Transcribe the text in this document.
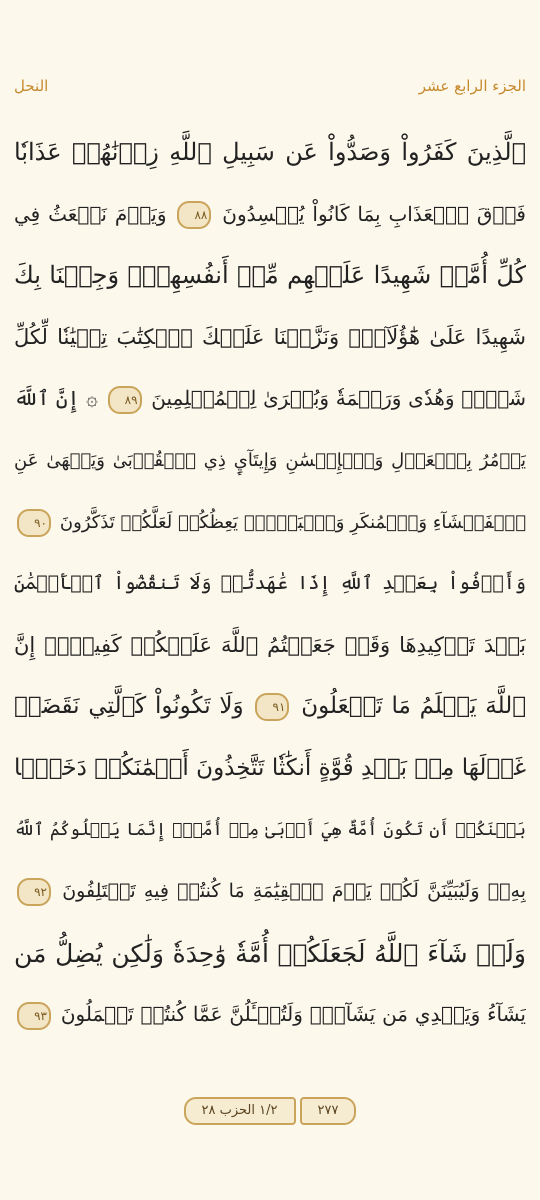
النحل	الجزء الرابع عشر
ٱلَّذِينَ كَفَرُواْ وَصَدُّواْ عَن سَبِيلِ ٱللَّهِ زِدۡنَٰهُمۡ عَذَابٗا
فَوۡقَ ٱلۡعَذَابِ بِمَا كَانُواْ يُفۡسِدُونَ ٨٨ وَيَوۡمَ نَبۡعَثُ فِي
كُلِّ أُمَّةٖ شَهِيدًا عَلَيۡهِم مِّنۡ أَنفُسِهِمۡۖ وَجِئۡنَا بِكَ
شَهِيدًا عَلَىٰ هَٰٓؤُلَآءِۚ وَنَزَّلۡنَا عَلَيۡكَ ٱلۡكِتَٰبَ تِبۡيَٰنٗا لِّكُلِّ
شَيۡءٖ وَهُدٗى وَرَحۡمَةٗ وَبُشۡرَىٰ لِلۡمُسۡلِمِينَ ٨٩ ۞ إِنَّ ٱللَّهَ
يَأۡمُرُ بِٱلۡعَدۡلِ وَٱلۡإِحۡسَٰنِ وَإِيتَآيِٕ ذِي ٱلۡقُرۡبَىٰ وَيَنۡهَىٰ عَنِ
ٱلۡفَحۡشَآءِ وَٱلۡمُنكَرِ وَٱلۡبَغۡيِۚ يَعِظُكُمۡ لَعَلَّكُمۡ تَذَكَّرُونَ ٩٠
وَأَوۡفُواْ بِعَهۡدِ ٱللَّهِ إِذَا عَٰهَدتُّمۡ وَلَا تَنقُضُواْ ٱلۡأَيۡمَٰنَ
بَعۡدَ تَوۡكِيدِهَا وَقَدۡ جَعَلۡتُمُ ٱللَّهَ عَلَيۡكُمۡ كَفِيلًاۚ إِنَّ
ٱللَّهَ يَعۡلَمُ مَا تَفۡعَلُونَ ٩١ وَلَا تَكُونُواْ كَٱلَّتِي نَقَضَتۡ
غَزۡلَهَا مِنۢ بَعۡدِ قُوَّةٍ أَنكَٰثٗا تَتَّخِذُونَ أَيۡمَٰنَكُمۡ دَخَلَۢا
بَيۡنَكُمۡ أَن تَكُونَ أُمَّةٌ هِيَ أَرۡبَىٰ مِنۡ أُمَّةٍۚ إِنَّمَا يَبۡلُوكُمُ ٱللَّهُ
بِهِۦۚ وَلَيُبَيِّنَنَّ لَكُمۡ يَوۡمَ ٱلۡقِيَٰمَةِ مَا كُنتُمۡ فِيهِ تَخۡتَلِفُونَ ٩٢
وَلَوۡ شَآءَ ٱللَّهُ لَجَعَلَكُمۡ أُمَّةٗ وَٰحِدَةٗ وَلَٰكِن يُضِلُّ مَن
يَشَآءُ وَيَهۡدِي مَن يَشَآءُۚ وَلَتُسۡـَٔلُنَّ عَمَّا كُنتُمۡ تَعۡمَلُونَ ٩٣
١/٢ الحزب ٢٨	٢٧٧
